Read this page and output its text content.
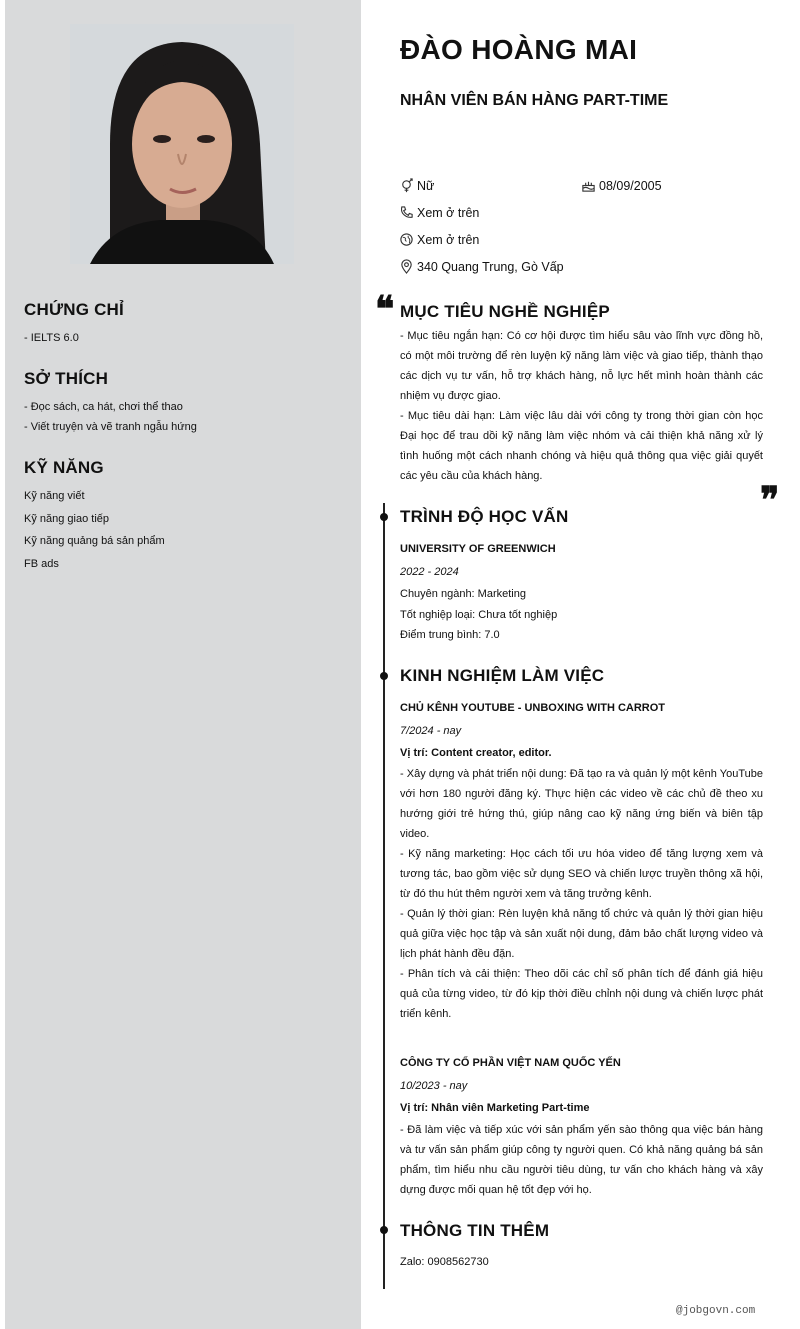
CHỨNG CHỈ
- IELTS 6.0
SỞ THÍCH
- Đọc sách, ca hát, chơi thể thao
- Viết truyện và vẽ tranh ngẫu hứng
KỸ NĂNG
Kỹ năng viết
Kỹ năng giao tiếp
Kỹ năng quảng bá sản phẩm
FB ads
ĐÀO HOÀNG MAI
NHÂN VIÊN BÁN HÀNG PART-TIME
Nữ	08/09/2005
Xem ở trên
Xem ở trên
340 Quang Trung, Gò Vấp
❝ MỤC TIÊU NGHỀ NGHIỆP

- Mục tiêu ngắn hạn: Có cơ hội được tìm hiểu sâu vào lĩnh vực đồng hồ, có một môi trường để rèn luyện kỹ năng làm việc và giao tiếp, thành thạo các dịch vụ tư vấn, hỗ trợ khách hàng, nỗ lực hết mình hoàn thành các nhiệm vụ được giao.

- Mục tiêu dài hạn: Làm việc lâu dài với công ty trong thời gian còn học Đại học để trau dồi kỹ năng làm việc nhóm và cải thiện khả năng xử lý tình huống một cách nhanh chóng và hiệu quả thông qua việc giải quyết các yêu cầu của khách hàng.

❞
TRÌNH ĐỘ HỌC VẤN
UNIVERSITY OF GREENWICH
2022 - 2024
Chuyên ngành: Marketing
Tốt nghiệp loại: Chưa tốt nghiệp
Điểm trung bình: 7.0
KINH NGHIỆM LÀM VIỆC
CHỦ KÊNH YOUTUBE - UNBOXING WITH CARROT
7/2024 - nay
Vị trí: Content creator, editor.

- Xây dựng và phát triển nội dung: Đã tạo ra và quản lý một kênh YouTube với hơn 180 người đăng ký. Thực hiện các video về các chủ đề theo xu hướng giới trẻ hứng thú, giúp nâng cao kỹ năng ứng biến và biên tập video.

- Kỹ năng marketing: Học cách tối ưu hóa video để tăng lượng xem và tương tác, bao gồm việc sử dụng SEO và chiến lược truyền thông xã hội, từ đó thu hút thêm người xem và tăng trưởng kênh.

- Quản lý thời gian: Rèn luyện khả năng tổ chức và quản lý thời gian hiệu quả giữa việc học tập và sản xuất nội dung, đảm bảo chất lượng video và lịch phát hành đều đặn.

- Phân tích và cải thiện: Theo dõi các chỉ số phân tích để đánh giá hiệu quả của từng video, từ đó kịp thời điều chỉnh nội dung và chiến lược phát triển kênh.

CÔNG TY CỔ PHẦN VIỆT NAM QUỐC YẾN
10/2023 - nay
Vị trí: Nhân viên Marketing Part-time

- Đã làm việc và tiếp xúc với sản phẩm yến sào thông qua việc bán hàng và tư vấn sản phẩm giúp công ty người quen. Có khả năng quảng bá sản phẩm, tìm hiểu nhu cầu người tiêu dùng, tư vấn cho khách hàng và xây dựng được mối quan hệ tốt đẹp với họ.

THÔNG TIN THÊM
Zalo: 0908562730
@jobgovn.com
